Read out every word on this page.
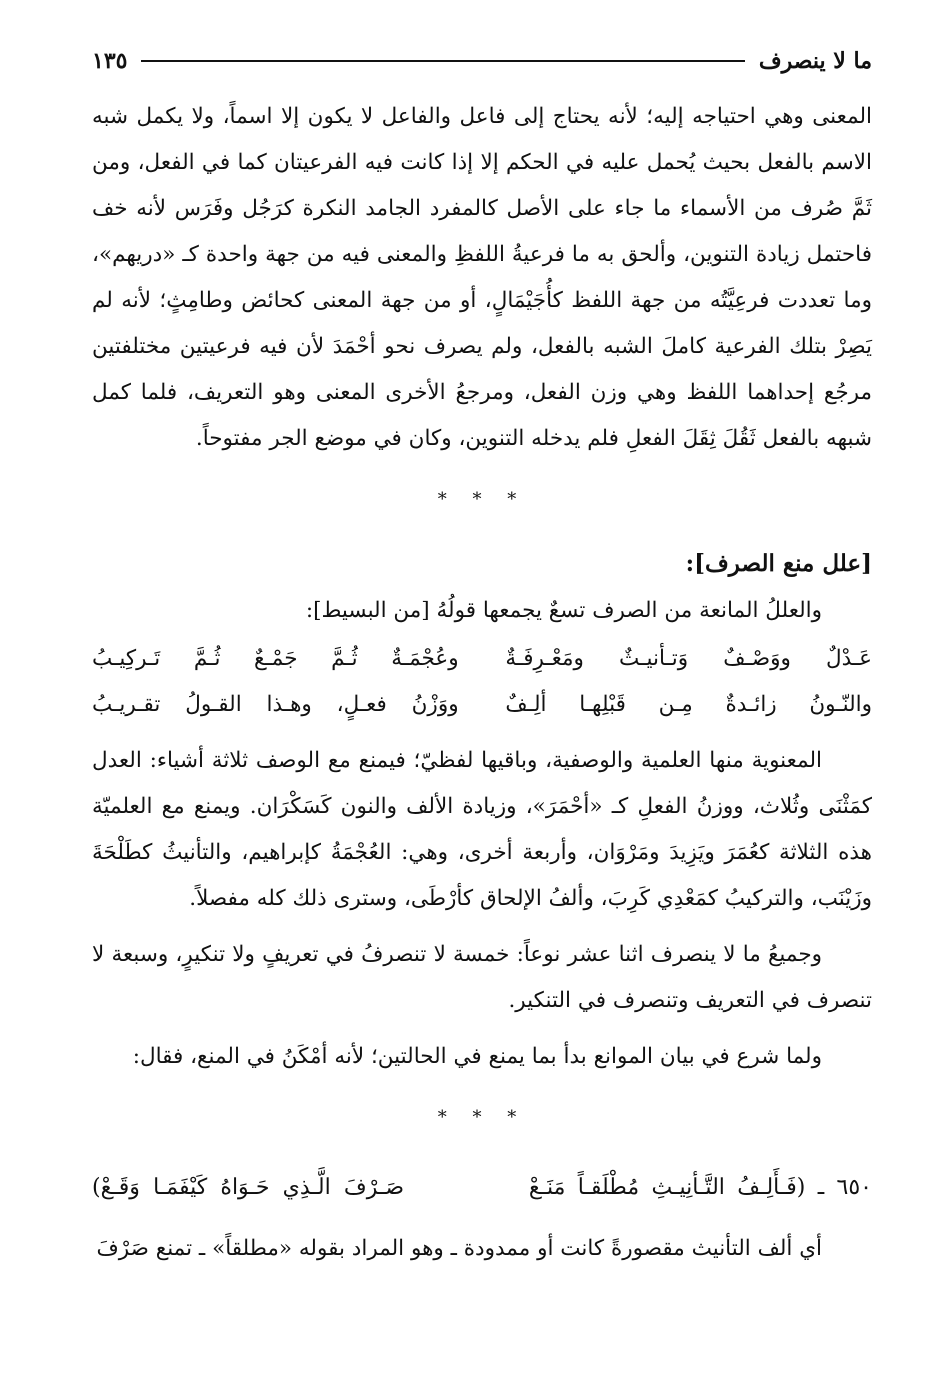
ما لا ينصرف
١٣٥

المعنى وهي احتياجه إليه؛ لأنه يحتاج إلى فاعل والفاعل لا يكون إلا اسماً، ولا يكمل شبه الاسم بالفعل بحيث يُحمل عليه في الحكم إلا إذا كانت فيه الفرعيتان كما في الفعل، ومن ثَمَّ صُرف من الأسماء ما جاء على الأصل كالمفرد الجامد النكرة كرَجُل وفَرَس لأنه خف فاحتمل زيادة التنوين، وألحق به ما فرعيةُ اللفظِ والمعنى فيه من جهة واحدة كـ «دريهم»، وما تعددت فرعِيَّتُه من جهة اللفظ كأُجَيْمَالٍ، أو من جهة المعنى كحائض وطامِثٍ؛ لأنه لم يَصِرْ بتلك الفرعية كاملَ الشبه بالفعل، ولم يصرف نحو أحْمَدَ لأن فيه فرعيتين مختلفتين مرجُع إحداهما اللفظ وهي وزن الفعل، ومرجعُ الأخرى المعنى وهو التعريف، فلما كمل شبهه بالفعل ثَقُلَ ثِقَلَ الفعلِ فلم يدخله التنوين، وكان في موضع الجر مفتوحاً.

* * *
[علل منع الصرف]:

والعللُ المانعة من الصرف تسعٌ يجمعها قولُهُ [من البسيط]:

عَـدْلٌ ووَصْـفٌ وَتـأنيـثٌ ومَعْـرِفَـةٌ
وعُجْمَـةٌ ثُـمَّ جَمْـعٌ ثُـمَّ تَـركِيـبُ
والنّـونُ زائـدةٌ مِـن قَبْلِهـا ألِـفٌ
ووَزْنُ فعـلٍ، وهـذا القـولُ تقـريـبُ

المعنوية منها العلمية والوصفية، وباقيها لفظيّ؛ فيمنع مع الوصف ثلاثة أشياء: العدل كمَثْنَى وثُلاث، ووزنُ الفعلِ كـ «أحْمَرَ»، وزيادة الألف والنون كَسَكْرَان. ويمنع مع العلميّة هذه الثلاثة كعُمَرَ ويَزِيدَ ومَرْوَان، وأربعة أخرى، وهي: العُجْمَةُ كإبراهيم، والتأنيثُ كطَلْحَةَ وزَيْنَب، والتركيبُ كمَعْدِي كَرِبَ، وألفُ الإلحاق كأرْطَى، وسترى ذلك كله مفصلاً.

وجميعُ ما لا ينصرف اثنا عشر نوعاً: خمسة لا تنصرفُ في تعريفٍ ولا تنكيرٍ، وسبعة لا تنصرف في التعريف وتنصرف في التنكير.

ولما شرع في بيان الموانع بدأ بما يمنع في الحالتين؛ لأنه أمْكَنُ في المنع، فقال:

* * *
٦٥٠ ـ (فَـأَلِـفُ التَّـأنِيـثِ مُطْلَقـاً مَنَـعْ
صَـرْفَ الَّـذِي حَـوَاهُ كَيْفَمَـا وَقَـعْ)

أي ألف التأنيث مقصورةً كانت أو ممدودة ـ وهو المراد بقوله «مطلقاً» ـ تمنع صَرْفَ
